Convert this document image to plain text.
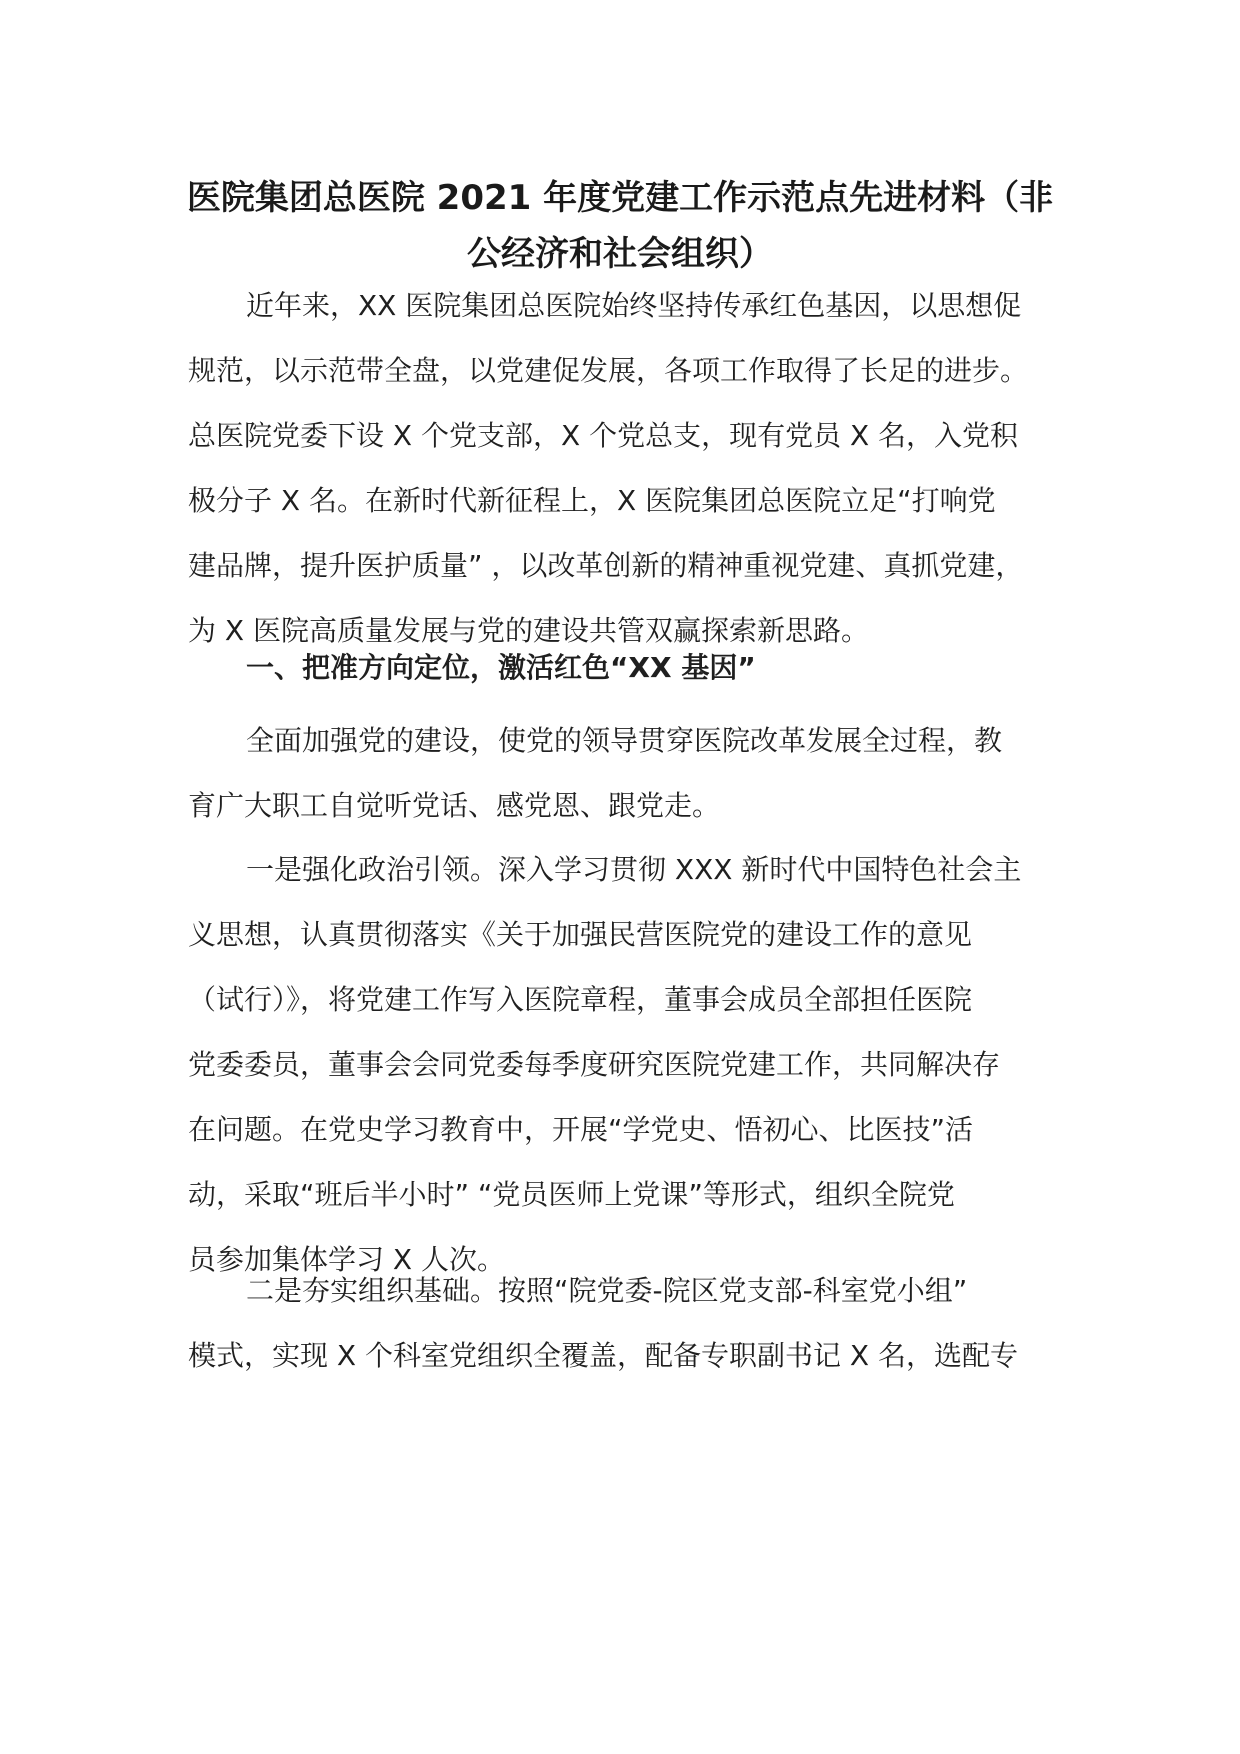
医院集团总医院 2021 年度党建工作示范点先进材料（非
公经济和社会组织）
近年来，XX 医院集团总医院始终坚持传承红色基因，以思想促
规范，以示范带全盘，以党建促发展，各项工作取得了长足的进步。
总医院党委下设 X 个党支部，X 个党总支，现有党员 X 名，入党积
极分子 X 名。在新时代新征程上，X 医院集团总医院立足“打响党
建品牌，提升医护质量” ，以改革创新的精神重视党建、真抓党建，
为 X 医院高质量发展与党的建设共管双赢探索新思路。
一、把准方向定位，激活红色“XX 基因”
全面加强党的建设，使党的领导贯穿医院改革发展全过程，教
育广大职工自觉听党话、感党恩、跟党走。
一是强化政治引领。深入学习贯彻 XXX 新时代中国特色社会主
义思想，认真贯彻落实《关于加强民营医院党的建设工作的意见
（试行）》，将党建工作写入医院章程，董事会成员全部担任医院
党委委员，董事会会同党委每季度研究医院党建工作，共同解决存
在问题。在党史学习教育中，开展“学党史、悟初心、比医技”活
动，采取“班后半小时” “党员医师上党课”等形式，组织全院党
员参加集体学习 X 人次。
二是夯实组织基础。按照“院党委-院区党支部-科室党小组”
模式，实现 X 个科室党组织全覆盖，配备专职副书记 X 名，选配专
